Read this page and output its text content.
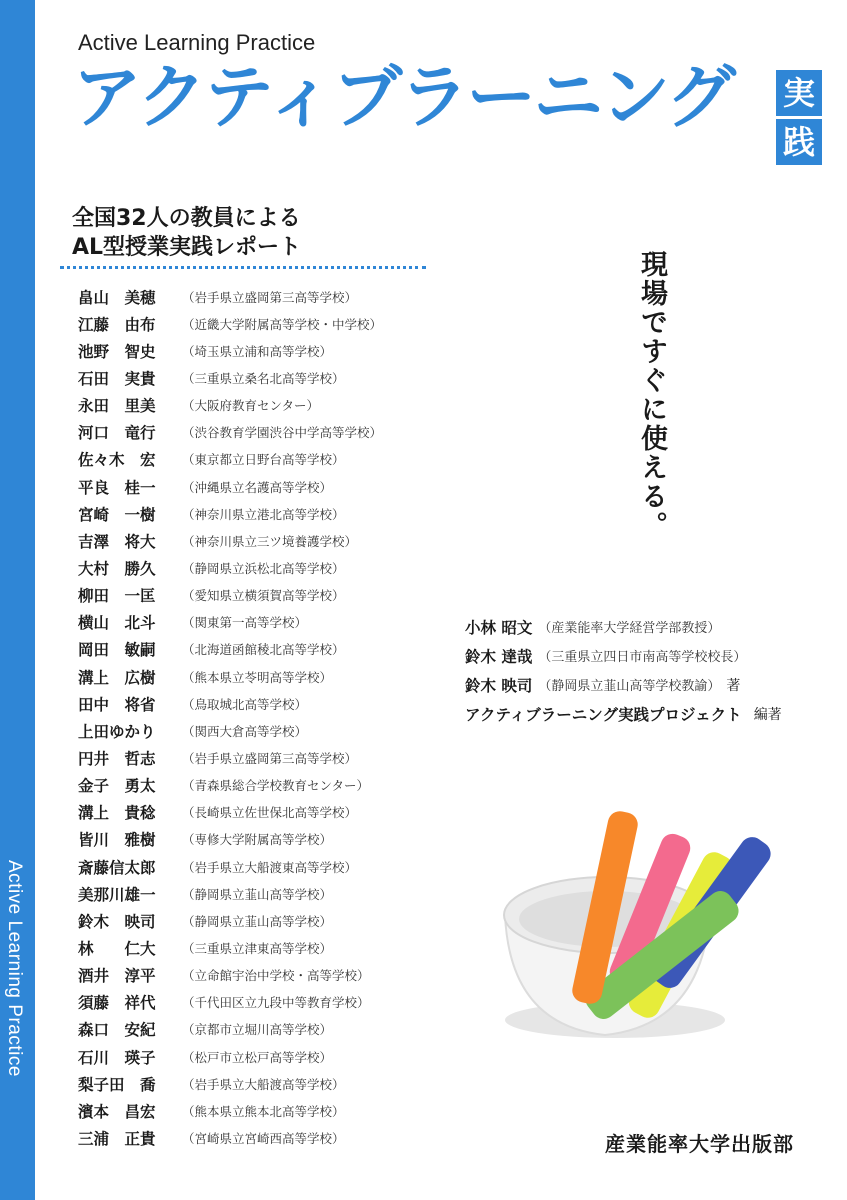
Active Learning Practice
Active Learning Practice
アクティブラーニング 実
践
全国32人の教員による
AL型授業実践レポート
畠山　美穂	（岩手県立盛岡第三高等学校）
江藤　由布	（近畿大学附属高等学校・中学校）
池野　智史	（埼玉県立浦和高等学校）
石田　実貴	（三重県立桑名北高等学校）
永田　里美	（大阪府教育センター）
河口　竜行	（渋谷教育学園渋谷中学高等学校）
佐々木　宏	（東京都立日野台高等学校）
平良　桂一	（沖縄県立名護高等学校）
宮崎　一樹	（神奈川県立港北高等学校）
吉澤　将大	（神奈川県立三ツ境養護学校）
大村　勝久	（静岡県立浜松北高等学校）
柳田　一匡	（愛知県立横須賀高等学校）
横山　北斗	（関東第一高等学校）
岡田　敏嗣	（北海道函館稜北高等学校）
溝上　広樹	（熊本県立苓明高等学校）
田中　将省	（鳥取城北高等学校）
上田ゆかり	（関西大倉高等学校）
円井　哲志	（岩手県立盛岡第三高等学校）
金子　勇太	（青森県総合学校教育センター）
溝上　貴稔	（長崎県立佐世保北高等学校）
皆川　雅樹	（専修大学附属高等学校）
斎藤信太郎	（岩手県立大船渡東高等学校）
美那川雄一	（静岡県立韮山高等学校）
鈴木　映司	（静岡県立韮山高等学校）
林　　仁大	（三重県立津東高等学校）
酒井　淳平	（立命館宇治中学校・高等学校）
須藤　祥代	（千代田区立九段中等教育学校）
森口　安紀	（京都市立堀川高等学校）
石川　瑛子	（松戸市立松戸高等学校）
梨子田　喬	（岩手県立大船渡高等学校）
濱本　昌宏	（熊本県立熊本北高等学校）
三浦　正貴	（宮崎県立宮崎西高等学校）
現場ですぐに使える。
小林 昭文 （産業能率大学経営学部教授）
鈴木 達哉 （三重県立四日市南高等学校校長）
鈴木 映司 （静岡県立韮山高等学校教諭） 著
アクティブラーニング実践プロジェクト 編著
産業能率大学出版部
